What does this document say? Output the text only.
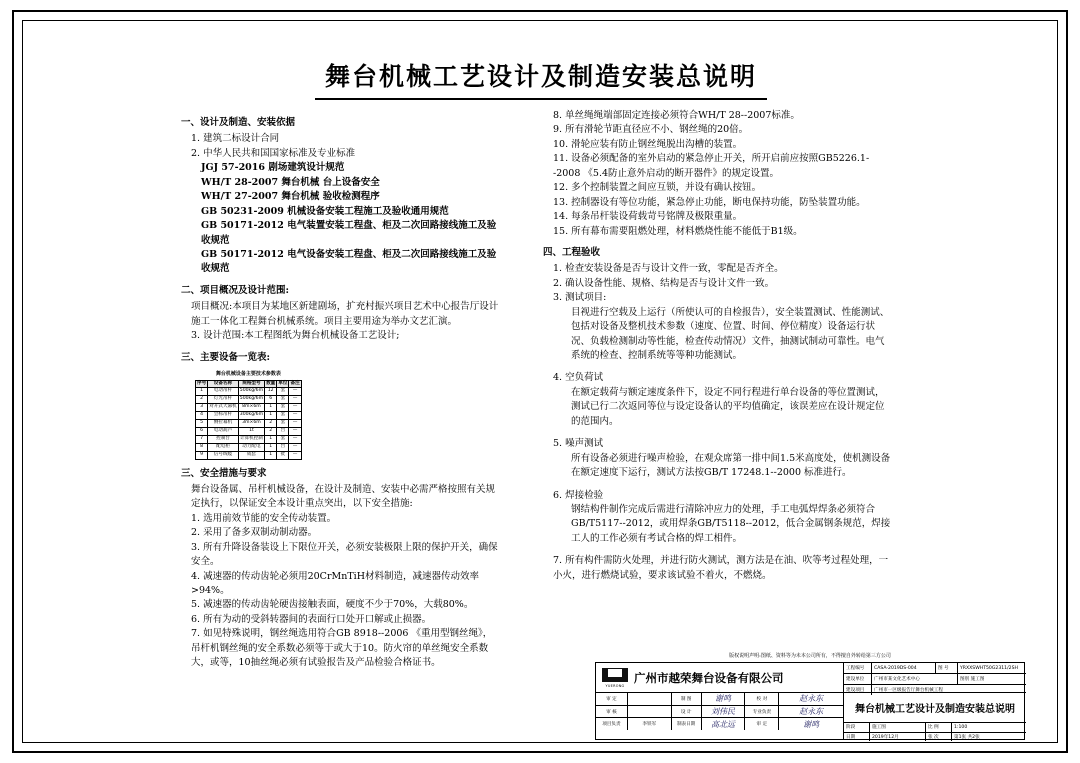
舞台机械工艺设计及制造安装总说明
一、设计及制造、安装依据
1. 建筑二标设计合同
2. 中华人民共和国国家标准及专业标准
JGJ 57-2016 剧场建筑设计规范
WH/T 28-2007 舞台机械 台上设备安全
WH/T 27-2007 舞台机械 验收检测程序
GB 50231-2009 机械设备安装工程施工及验收通用规范
GB 50171-2012 电气装置安装工程盘、柜及二次回路接线施工及验收规范
GB 50171-2012 电气设备安装工程盘、柜及二次回路接线施工及验收规范
二、项目概况及设计范围:
项目概况:本项目为某地区新建剧场，扩充村振兴项目艺术中心报告厅设计施工一体化工程舞台机械系统。项目主要用途为举办文艺汇演。
3. 设计范围:本工程图纸为舞台机械设备工艺设计;
三、主要设备一览表:
舞台机械设备主要技术参数表
序号	设备名称	规格型号	数量	单位	备注
1	电动吊杆	500kg/6m	12	套	—
2	灯光吊杆	500kg/6m	6	套	—
3	对开式大幕机	8m×6m	1	套	—
4	会标吊杆	300kg/6m	1	套	—
5	侧拉幕机	3m×6m	2	套	—
6	电动葫芦	1t	2	台	—
7	控制台	计算机控制	1	套	—
8	配电柜	动力配电	1	台	—
9	信号线缆	成套	1	批	—
三、安全措施与要求
舞台设备属、吊杆机械设备，在设计及制造、安装中必需严格按照有关规定执行，以保证安全本设计重点突出，以下安全措施:
1. 选用前效节能的安全传动装置。
2. 采用了备多双制动制动器。
3. 所有升降设备装设上下限位开关，必须安装极限上限的保护开关，确保安全。
4. 减速器的传动齿轮必须用20CrMnTiH材料制造，减速器传动效率>94%。
5. 减速器的传动齿轮硬齿接触表面，硬度不少于70%，大载80%。
6. 所有为动的受斜转器间的表面行口处开口解或止损器。
7. 如见特殊说明，钢丝绳选用符合GB 8918--2006 《重用型钢丝绳》，吊杆机钢丝绳的安全系数必须等于或大于10。防火帘的单丝绳安全系数大，或等，10抽丝绳必须有试验报告及产品检验合格证书。
8. 单丝绳绳端部固定连接必须符合WH/T 28--2007标准。
9. 所有滑轮节距直径应不小、钢丝绳的20倍。
10. 滑轮应装有防止钢丝绳脱出沟槽的装置。
11. 设备必须配备的室外启动的紧急停止开关，所开启前应按照GB5226.1--2008 《5.4防止意外启动的断开器件》的规定设置。
12. 多个控制装置之间应互锁，并设有确认按钮。
13. 控制器设有等位功能，紧急停止功能，断电保持功能，防坠装置功能。
14. 每条吊杆装设荷载苛号铭牌及极限重量。
15. 所有幕布需要阻燃处理，材料燃烧性能不能低于B1级。
四、工程验收
1. 检查安装设备是否与设计文件一致，零配是否齐全。
2. 确认设备性能、规格、结构是否与设计文件一致。
3. 测试项目:
目视进行空载及上运行（所使认可的自检报告），安全装置测试、性能测试、包括对设备及整机技术参数（速度、位置、时间、停位精度）设备运行状况、负载检测制动等性能，检查传动情况）文件，抽测试制动可靠性。电气系统的检查、控制系统等等种功能测试。
4. 空负荷试
在额定载荷与额定速度条件下，设定不同行程进行单台设备的等位置测试，测试已行二次返同等位与设定设备认的平均值确定，该误差应在设计规定位的范围内。
5. 噪声测试
所有设备必须进行噪声检验，在观众席第一排中间1.5米高度处，使机测设备在额定速度下运行，测试方法按GB/T 17248.1--2000 标准进行。
6. 焊接检验
钢结构件制作完成后需进行清除冲应力的处理，手工电弧焊焊条必须符合GB/T5117--2012，或用焊条GB/T5118--2012，低合金属钢条规范，焊接工人的工作必须有考试合格的焊工相件。
7. 所有构件需防火处理，并进行防火测试，测方法是在油、吹等考过程处理，一小火，进行燃烧试验，要求该试验不着火，不燃烧。
版权说明声明:图纸、资料等为未本公司所有，不得擅自外转给第三方公司
YUERONG
广州市越荣舞台设备有限公司
工程编号	CASA-2019DS-004	图 号	YRXXSWHT50G2311/2SH
建设单位	广州市某文化艺术中心	图别 施工图
建设项目	广州市一区级报告厅舞台机械工程
审 定	制 图	谢鸣	校 对	赵永东
审 核	设 计	刘伟民	专业负责	赵永东
项目负责	李铁军	制表日期	高北远	审 定	谢鸣
舞台机械工艺设计及制造安装总说明
阶段	施工图	比 例	1:100
日期	2019年12月	张 次	第1张 共2张
